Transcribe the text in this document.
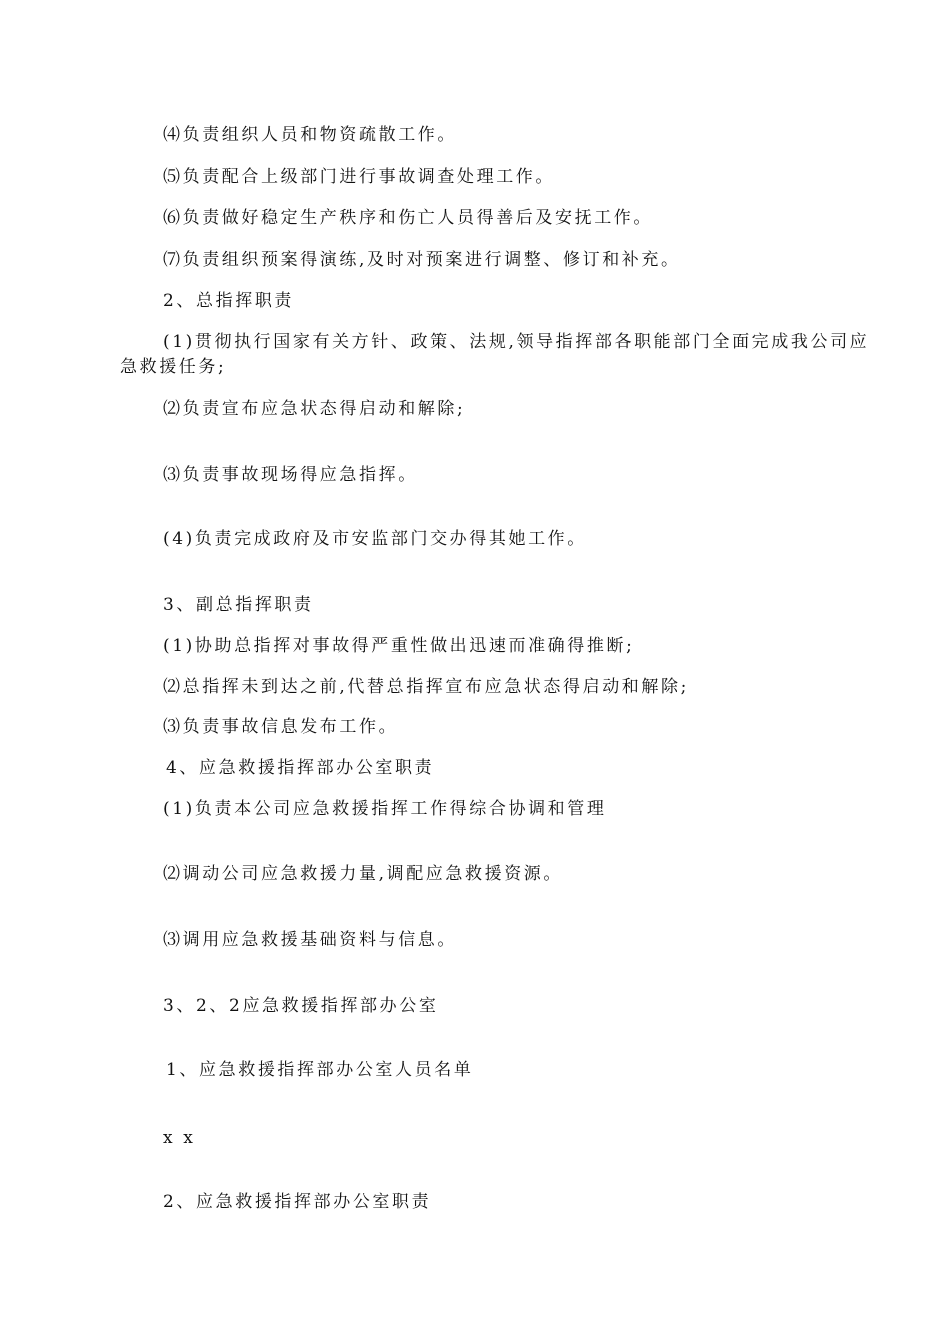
⑷负责组织人员和物资疏散工作。
⑸负责配合上级部门进行事故调查处理工作。
⑹负责做好稳定生产秩序和伤亡人员得善后及安抚工作。
⑺负责组织预案得演练,及时对预案进行调整、修订和补充。
2、总指挥职责
(1)贯彻执行国家有关方针、政策、法规,领导指挥部各职能部门全面完成我公司应
急救援任务;
⑵负责宣布应急状态得启动和解除;
⑶负责事故现场得应急指挥。
(4)负责完成政府及市安监部门交办得其她工作。
3、副总指挥职责
(1)协助总指挥对事故得严重性做出迅速而准确得推断;
⑵总指挥未到达之前,代替总指挥宣布应急状态得启动和解除;
⑶负责事故信息发布工作。
4、应急救援指挥部办公室职责
(1)负责本公司应急救援指挥工作得综合协调和管理
⑵调动公司应急救援力量,调配应急救援资源。
⑶调用应急救援基础资料与信息。
3、2、2应急救援指挥部办公室
1、应急救援指挥部办公室人员名单
x x
2、应急救援指挥部办公室职责
